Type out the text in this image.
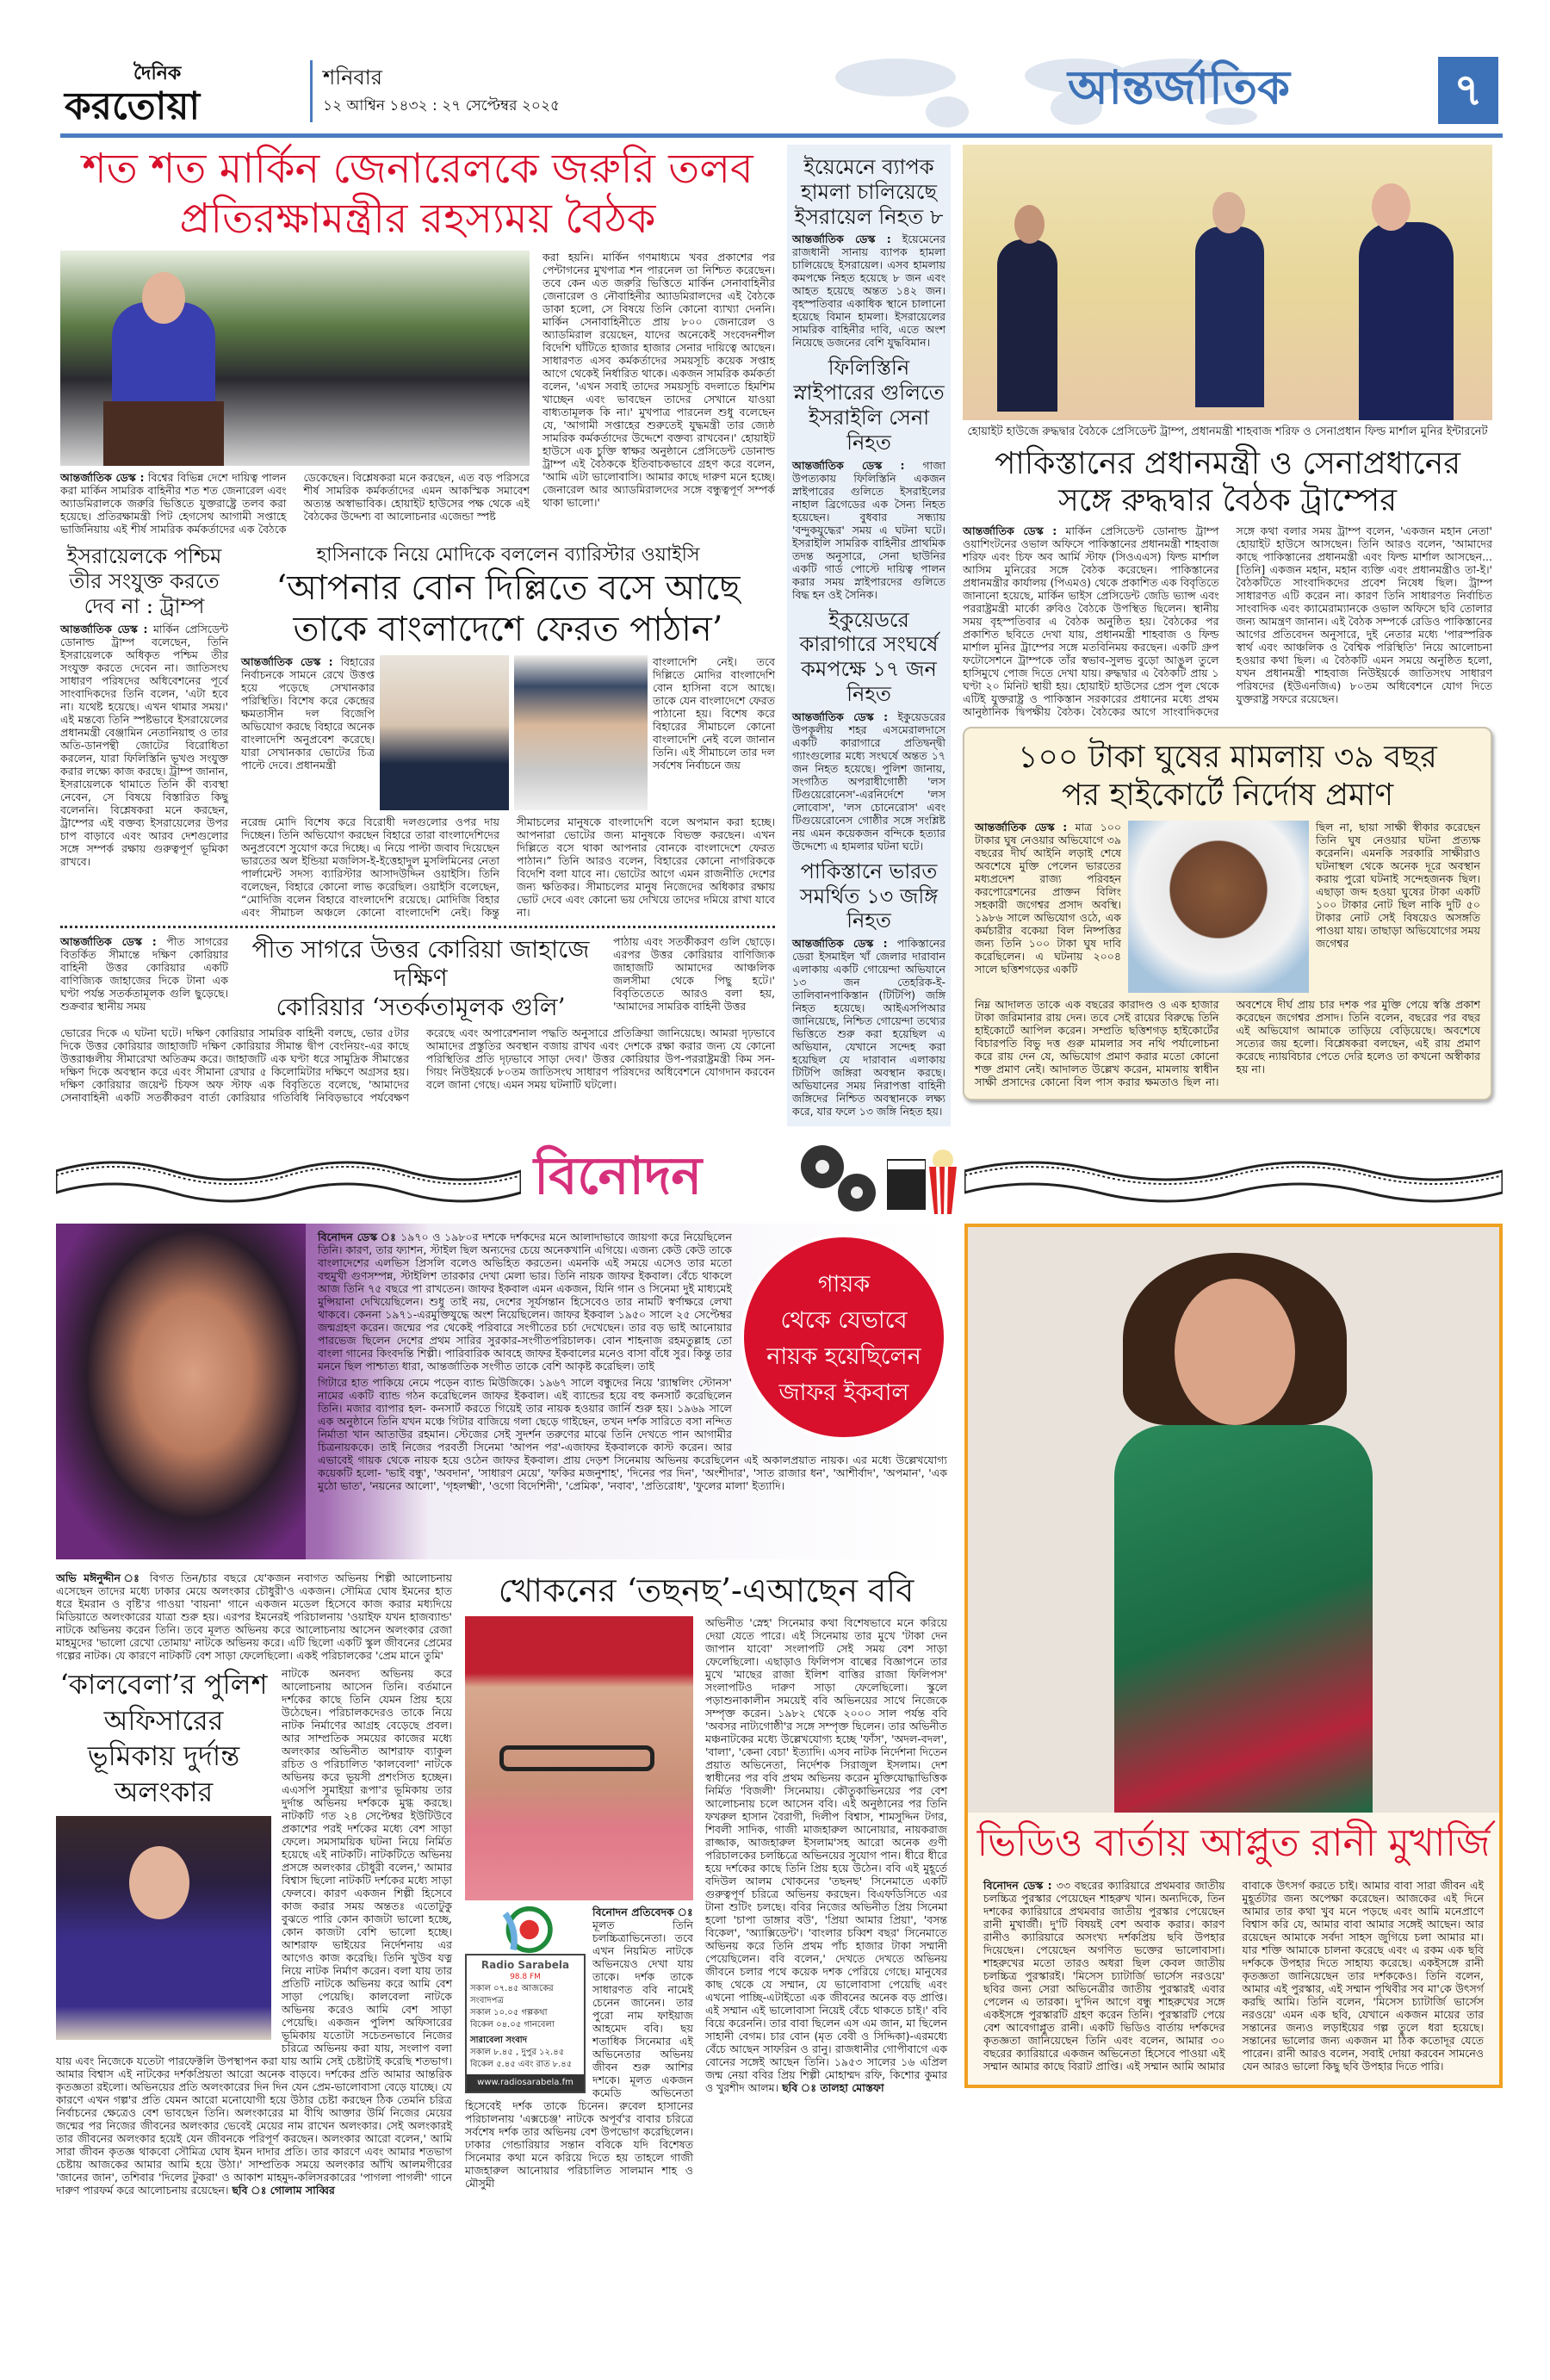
দৈনিক
করতোয়া
শনিবার
১২ আশ্বিন ১৪৩২ : ২৭ সেপ্টেম্বর ২০২৫	আন্তর্জাতিক	৭
শত শত মার্কিন জেনারেলকে জরুরি তলব
প্রতিরক্ষামন্ত্রীর রহস্যময় বৈঠক
আন্তর্জাতিক ডেস্ক : বিশ্বের বিভিন্ন দেশে দায়িত্ব পালন করা মার্কিন সামরিক বাহিনীর শত শত জেনারেল এবং অ্যাডমিরালকে জরুরি ভিত্তিতে যুক্তরাষ্ট্রে তলব করা হয়েছে। প্রতিরক্ষামন্ত্রী পিট হেগসেথ আগামী সপ্তাহে ভার্জিনিয়ায় এই শীর্ষ সামরিক কর্মকর্তাদের এক বৈঠকে ডেকেছেন। বিশ্লেষকরা মনে করছেন, এত বড় পরিসরে শীর্ষ সামরিক কর্মকর্তাদের এমন আকস্মিক সমাবেশ অত্যন্ত অস্বাভাবিক। হোয়াইট হাউসের পক্ষ থেকে এই বৈঠকের উদ্দেশ্য বা আলোচনার এজেন্ডা স্পষ্ট
করা হয়নি। মার্কিন গণমাধ্যমে খবর প্রকাশের পর পেন্টাগনের মুখপাত্র শন পারনেল তা নিশ্চিত করেছেন। তবে কেন এত জরুরি ভিত্তিতে মার্কিন সেনাবাহিনীর জেনারেল ও নৌবাহিনীর অ্যাডমিরালদের এই বৈঠকে ডাকা হলো, সে বিষয়ে তিনি কোনো ব্যাখ্যা দেননি। মার্কিন সেনাবাহিনীতে প্রায় ৮০০ জেনারেল ও অ্যাডমিরাল রয়েছেন, যাদের অনেকেই সংবেদনশীল বিদেশি ঘাঁটিতে হাজার হাজার সেনার দায়িত্বে আছেন। সাধারণত এসব কর্মকর্তাদের সময়সূচি কয়েক সপ্তাহ আগে থেকেই নির্ধারিত থাকে। একজন সামরিক কর্মকর্তা বলেন, 'এখন সবাই তাদের সময়সূচি বদলাতে হিমশিম খাচ্ছেন এবং ভাবছেন তাদের সেখানে যাওয়া বাধ্যতামূলক কি না।' মুখপাত্র পারনেল শুধু বলেছেন যে, 'আগামী সপ্তাহের শুরুতেই যুদ্ধমন্ত্রী তার জ্যেষ্ঠ সামরিক কর্মকর্তাদের উদ্দেশে বক্তব্য রাখবেন।' হোয়াইট হাউসে এক চুক্তি স্বাক্ষর অনুষ্ঠানে প্রেসিডেন্ট ডোনাল্ড ট্রাম্প এই বৈঠককে ইতিবাচকভাবে গ্রহণ করে বলেন, 'আমি এটা ভালোবাসি। আমার কাছে দারুণ মনে হচ্ছে। জেনারেল আর অ্যাডমিরালদের সঙ্গে বন্ধুত্বপূর্ণ সম্পর্ক থাকা ভালো।'
ইসরায়েলকে পশ্চিম তীর সংযুক্ত করতে দেব না : ট্রাম্প
আন্তর্জাতিক ডেস্ক : মার্কিন প্রেসিডেন্ট ডোনাল্ড ট্রাম্প বলেছেন, তিনি ইসরায়েলকে অধিকৃত পশ্চিম তীর সংযুক্ত করতে দেবেন না। জাতিসংঘ সাধারণ পরিষদের অধিবেশনের পূর্বে সাংবাদিকদের তিনি বলেন, 'এটা হবে না। যথেষ্ট হয়েছে। এখন থামার সময়।' এই মন্তব্যে তিনি স্পষ্টভাবে ইসরায়েলের প্রধানমন্ত্রী বেঞ্জামিন নেতানিয়াহু ও তার অতি-ডানপন্থী জোটের বিরোধিতা করলেন, যারা ফিলিস্তিনি ভূখণ্ড সংযুক্ত করার লক্ষ্যে কাজ করছে। ট্রাম্প জানান, ইসরায়েলকে থামাতে তিনি কী ব্যবস্থা নেবেন, সে বিষয়ে বিস্তারিত কিছু বলেননি। বিশ্লেষকরা মনে করছেন, ট্রাম্পের এই বক্তব্য ইসরায়েলের উপর চাপ বাড়াবে এবং আরব দেশগুলোর সঙ্গে সম্পর্ক রক্ষায় গুরুত্বপূর্ণ ভূমিকা রাখবে।
হাসিনাকে নিয়ে মোদিকে বললেন ব্যারিস্টার ওয়াইসি
‘আপনার বোন দিল্লিতে বসে আছে
তাকে বাংলাদেশে ফেরত পাঠান’
আন্তর্জাতিক ডেস্ক : বিহারের নির্বাচনকে সামনে রেখে উত্তপ্ত হয়ে পড়েছে সেখানকার পরিস্থিতি। বিশেষ করে কেন্দ্রের ক্ষমতাসীন দল বিজেপি অভিযোগ করছে বিহারে অনেক বাংলাদেশি অনুপ্রবেশ করেছে। যারা সেখানকার ভোটের চিত্র পাল্টে দেবে। প্রধানমন্ত্রী
বাংলাদেশি নেই। তবে দিল্লিতে মোদির বাংলাদেশি বোন হাসিনা বসে আছে। তাকে যেন বাংলাদেশে ফেরত পাঠানো হয়। বিশেষ করে বিহারের সীমাচলে কোনো বাংলাদেশি নেই বলে জানান তিনি। এই সীমাচলে তার দল সর্বশেষ নির্বাচনে জয়
নরেন্দ্র মোদি বিশেষ করে বিরোধী দলগুলোর ওপর দায় দিচ্ছেন। তিনি অভিযোগ করছেন বিহারে তারা বাংলাদেশিদের অনুপ্রবেশে সুযোগ করে দিচ্ছে। এ নিয়ে পাল্টা জবাব দিয়েছেন ভারতের অল ইন্ডিয়া মজলিস-ই-ইত্তেহাদুল মুসলিমিনের নেতা পার্লামেন্ট সদস্য ব্যারিস্টার আসাদউদ্দিন ওয়াইসি। তিনি বলেছেন, বিহারে কোনো লাভ করেছিল। ওয়াইসি বলেছেন, “মোদিজি বলেন বিহারে বাংলাদেশি রয়েছে। মোদিজি বিহার এবং সীমাচল অঞ্চলে কোনো বাংলাদেশি নেই। কিন্তু সীমাচলের মানুষকে বাংলাদেশি বলে অপমান করা হচ্ছে। আপনারা ভোটের জন্য মানুষকে বিভক্ত করছেন। এখন দিল্লিতে বসে থাকা আপনার বোনকে বাংলাদেশে ফেরত পাঠান।” তিনি আরও বলেন, বিহারের কোনো নাগরিককে বিদেশি বলা যাবে না। ভোটের আগে এমন রাজনীতি দেশের জন্য ক্ষতিকর। সীমাচলের মানুষ নিজেদের অধিকার রক্ষায় ভোট দেবে এবং কোনো ভয় দেখিয়ে তাদের দমিয়ে রাখা যাবে না।
আন্তর্জাতিক ডেস্ক : পীত সাগরের বিতর্কিত সীমান্তে দক্ষিণ কোরিয়ার বাহিনী উত্তর কোরিয়ার একটি বাণিজ্যিক জাহাজের দিকে টানা এক ঘণ্টা পর্যন্ত সতর্কতামূলক গুলি ছুড়েছে। শুক্রবার স্থানীয় সময়
পীত সাগরে উত্তর কোরিয়া জাহাজে দক্ষিণ
কোরিয়ার ‘সতর্কতামূলক গুলি’
পাঠায় এবং সতর্কীকরণ গুলি ছোড়ে। এরপর উত্তর কোরিয়ার বাণিজ্যিক জাহাজটি আমাদের আঞ্চলিক জলসীমা থেকে পিছু হটে।' বিবৃতিতেতে আরও বলা হয়, 'আমাদের সামরিক বাহিনী উত্তর
ভোরের দিকে এ ঘটনা ঘটে। দক্ষিণ কোরিয়ার সামরিক বাহিনী বলছে, ভোর ৫টার দিকে উত্তর কোরিয়ার জাহাজটি দক্ষিণ কোরিয়ার সীমান্ত দ্বীপ বেংনিয়ং-এর কাছে উত্তরাঞ্চলীয় সীমারেখা অতিক্রম করে। জাহাজটি এক ঘণ্টা ধরে সামুদ্রিক সীমান্তের দক্ষিণ দিকে অবস্থান করে এবং সীমানা রেখার ৫ কিলোমিটার দক্ষিণে অগ্রসর হয়। দক্ষিণ কোরিয়ার জয়েন্ট চিফস অফ স্টাফ এক বিবৃতিতে বলেছে, 'আমাদের সেনাবাহিনী একটি সতর্কীকরণ বার্তা কোরিয়ার গতিবিধি নিবিড়ভাবে পর্যবেক্ষণ করেছে এবং অপারেশনাল পদ্ধতি অনুসারে প্রতিক্রিয়া জানিয়েছে। আমরা দৃঢ়ভাবে আমাদের প্রস্তুতির অবস্থান বজায় রাখব এবং দেশকে রক্ষা করার জন্য যে কোনো পরিস্থিতির প্রতি দৃঢ়ভাবে সাড়া দেব।' উত্তর কোরিয়ার উপ-পররাষ্ট্রমন্ত্রী কিম সন-গিয়ং নিউইয়র্কে ৮০তম জাতিসংঘ সাধারণ পরিষদের অধিবেশনে যোগদান করবেন বলে জানা গেছে। এমন সময় ঘটনাটি ঘটলো।
ইয়েমেনে ব্যাপক হামলা চালিয়েছে ইসরায়েল নিহত ৮
আন্তর্জাতিক ডেস্ক : ইয়েমেনের রাজধানী সানায় ব্যাপক হামলা চালিয়েছে ইসরায়েল। এসব হামলায় কমপক্ষে নিহত হয়েছে ৮ জন এবং আহত হয়েছে অন্তত ১৪২ জন। বৃহস্পতিবার একাধিক স্থানে চালানো হয়েছে বিমান হামলা। ইসরায়েলের সামরিক বাহিনীর দাবি, এতে অংশ নিয়েছে ডজনের বেশি যুদ্ধবিমান।
ফিলিস্তিনি স্নাইপারের গুলিতে ইসরাইলি সেনা নিহত
আন্তর্জাতিক ডেস্ক : গাজা উপত্যকায় ফিলিস্তিনি একজন স্নাইপারের গুলিতে ইসরাইলের নাহাল ব্রিগেডের এক সৈন্য নিহত হয়েছেন। বুধবার সন্ধ্যায় 'বন্দুকযুদ্ধের' সময় এ ঘটনা ঘটে। ইসরাইলি সামরিক বাহিনীর প্রাথমিক তদন্ত অনুসারে, সেনা ছাউনির একটি গার্ড পোস্টে দায়িত্ব পালন করার সময় স্নাইপারদের গুলিতে বিদ্ধ হন ওই সৈনিক।
ইকুয়েডরে কারাগারে সংঘর্ষে কমপক্ষে ১৭ জন নিহত
আন্তর্জাতিক ডেস্ক : ইকুয়েডরের উপকূলীয় শহর এসমেরালদাসে একটি কারাগারে প্রতিদ্বন্দ্বী গ্যাংগুলোর মধ্যে সংঘর্ষে অন্তত ১৭ জন নিহত হয়েছে। পুলিশ জানায়, সংগঠিত অপরাধীগোষ্ঠী 'লস টিগুয়েরোনেস'-এরনির্দেশে 'লস লোবোস', 'লস চোনেরোস' এবং টিগুয়েরোনেস গোষ্ঠীর সঙ্গে সংশ্লিষ্ট নয় এমন কয়েকজন বন্দিকে হত্যার উদ্দেশ্যে এ হামলার ঘটনা ঘটে।
পাকিস্তানে ভারত সমর্থিত ১৩ জঙ্গি নিহত
আন্তর্জাতিক ডেস্ক : পাকিস্তানের ডেরা ইসমাইল খাঁ জেলার দারাবান এলাকায় একটি গোয়েন্দা অভিযানে ১৩ জন তেহরিক-ই-তালিবানপাকিস্তান (টিটিপি) জঙ্গি নিহত হয়েছে। আইএসপিআর জানিয়েছে, নিশ্চিত গোয়েন্দা তথ্যের ভিত্তিতে শুরু করা হয়েছিল এ অভিযান, যেখানে সন্দেহ করা হয়েছিল যে দারাবান এলাকায় টিটিপি জঙ্গিরা অবস্থান করছে। অভিযানের সময় নিরাপত্তা বাহিনী জঙ্গিদের নিশ্চিত অবস্থানকে লক্ষ্য করে, যার ফলে ১৩ জঙ্গি নিহত হয়।
হোয়াইট হাউজে রুদ্ধদ্বার বৈঠকে প্রেসিডেন্ট ট্রাম্প, প্রধানমন্ত্রী শাহবাজ শরিফ ও সেনাপ্রধান ফিল্ড মার্শাল মুনির ইন্টারনেট
পাকিস্তানের প্রধানমন্ত্রী ও সেনাপ্রধানের
সঙ্গে রুদ্ধদ্বার বৈঠক ট্রাম্পের
আন্তর্জাতিক ডেস্ক : মার্কিন প্রেসিডেন্ট ডোনাল্ড ট্রাম্প ওয়াশিংটনের ওভাল অফিসে পাকিস্তানের প্রধানমন্ত্রী শাহবাজ শরিফ এবং চিফ অব আর্মি স্টাফ (সিওএএস) ফিল্ড মার্শাল আসিম মুনিরের সঙ্গে বৈঠক করেছেন। পাকিস্তানের প্রধানমন্ত্রীর কার্যালয় (পিএমও) থেকে প্রকাশিত এক বিবৃতিতে জানানো হয়েছে, মার্কিন ভাইস প্রেসিডেন্ট জেডি ভ্যান্স এবং পররাষ্ট্রমন্ত্রী মার্কো রুবিও বৈঠকে উপস্থিত ছিলেন। স্থানীয় সময় বৃহস্পতিবার এ বৈঠক অনুষ্ঠিত হয়। বৈঠকের পর প্রকাশিত ছবিতে দেখা যায়, প্রধানমন্ত্রী শাহবাজ ও ফিল্ড মার্শাল মুনির ট্রাম্পের সঙ্গে মতবিনিময় করছেন। একটি গ্রুপ ফটোসেশনে ট্রাম্পকে তাঁর স্বভাব-সুলভ বুড়ো আঙুল তুলে হাসিমুখে পোজ দিতে দেখা যায়। রুদ্ধদ্বার এ বৈঠকটি প্রায় ১ ঘণ্টা ২০ মিনিট স্থায়ী হয়। হোয়াইট হাউসের প্রেস পুল থেকে এটিই যুক্তরাষ্ট্র ও পাকিস্তান সরকারের প্রধানের মধ্যে প্রথম আনুষ্ঠানিক দ্বিপক্ষীয় বৈঠক। বৈঠকের আগে সাংবাদিকদের সঙ্গে কথা বলার সময় ট্রাম্প বলেন, 'একজন মহান নেতা' হোয়াইট হাউসে আসছেন। তিনি আরও বলেন, 'আমাদের কাছে পাকিস্তানের প্রধানমন্ত্রী এবং ফিল্ড মার্শাল আসছেন...[তিনি] একজন মহান, মহান ব্যক্তি এবং প্রধানমন্ত্রীও তা-ই।' বৈঠকটিতে সাংবাদিকদের প্রবেশ নিষেধ ছিল। ট্রাম্প সাধারণত এটি করেন না। কারণ তিনি সাধারণত নির্বাচিত সাংবাদিক এবং ক্যামেরাম্যানকে ওভাল অফিসে ছবি তোলার জন্য আমন্ত্রণ জানান। এই বৈঠক সম্পর্কে রেডিও পাকিস্তানের আগের প্রতিবেদন অনুসারে, দুই নেতার মধ্যে 'পারস্পরিক স্বার্থ এবং আঞ্চলিক ও বৈশ্বিক পরিস্থিতি' নিয়ে আলোচনা হওয়ার কথা ছিল। এ বৈঠকটি এমন সময়ে অনুষ্ঠিত হলো, যখন প্রধানমন্ত্রী শাহবাজ নিউইয়র্কে জাতিসংঘ সাধারণ পরিষদের (ইউএনজিএ) ৮০তম অধিবেশনে যোগ দিতে যুক্তরাষ্ট্র সফরে রয়েছেন।
১০০ টাকা ঘুষের মামলায় ৩৯ বছর
পর হাইকোর্টে নির্দোষ প্রমাণ
আন্তর্জাতিক ডেস্ক : মাত্র ১০০ টাকার ঘুষ নেওয়ার অভিযোগে ৩৯ বছরের দীর্ঘ আইনি লড়াই শেষে অবশেষে মুক্তি পেলেন ভারতের মধ্যপ্রদেশ রাজ্য পরিবহন করপোরেশনের প্রাক্তন বিলিং সহকারী জগেশ্বর প্রসাদ অবস্থি। ১৯৮৬ সালে অভিযোগ ওঠে, এক কর্মচারীর বকেয়া বিল নিষ্পত্তির জন্য তিনি ১০০ টাকা ঘুষ দাবি করেছিলেন। এ ঘটনায় ২০০৪ সালে ছত্তিশগড়ের একটি
ছিল না, ছায়া সাক্ষী স্বীকার করেছেন তিনি ঘুষ নেওয়ার ঘটনা প্রত্যক্ষ করেননি। এমনকি সরকারি সাক্ষীরাও ঘটনাস্থল থেকে অনেক দূরে অবস্থান করায় পুরো ঘটনাই সন্দেহজনক ছিল। এছাড়া জব্দ হওয়া ঘুষের টাকা একটি ১০০ টাকার নোট ছিল নাকি দুটি ৫০ টাকার নোট সেই বিষয়েও অসঙ্গতি পাওয়া যায়। তাছাড়া অভিযোগের সময় জগেশ্বর
নিম্ন আদালত তাকে এক বছরের কারাদণ্ড ও এক হাজার টাকা জরিমানার রায় দেন। তবে সেই রায়ের বিরুদ্ধে তিনি হাইকোর্টে আপিল করেন। সম্প্রতি ছত্তিশগড় হাইকোর্টের বিচারপতি বিভু দত্ত গুরু মামলার সব নথি পর্যালোচনা করে রায় দেন যে, অভিযোগ প্রমাণ করার মতো কোনো শক্ত প্রমাণ নেই। আদালত উল্লেখ করেন, মামলায় স্বাধীন সাক্ষী প্রসাদের কোনো বিল পাস করার ক্ষমতাও ছিল না। অবশেষে দীর্ঘ প্রায় চার দশক পর মুক্তি পেয়ে স্বস্তি প্রকাশ করেছেন জগেশ্বর প্রসাদ। তিনি বলেন, বছরের পর বছর এই অভিযোগ আমাকে তাড়িয়ে বেড়িয়েছে। অবশেষে সত্যের জয় হলো। বিশ্লেষকরা বলছেন, এই রায় প্রমাণ করেছে ন্যায়বিচার পেতে দেরি হলেও তা কখনো অস্বীকার হয় না।
বিনোদন
গায়ক
থেকে যেভাবে
নায়ক হয়েছিলেন
জাফর ইকবাল

বিনোদন ডেস্ক ঃ ১৯৭০ ও ১৯৮০র দশকে দর্শকদের মনে আলাদাভাবে জায়গা করে নিয়েছিলেন তিনি। কারণ, তার ফ্যাশন, স্টাইল ছিল অন্যদের চেয়ে অনেকখানি এগিয়ে। এজন্য কেউ কেউ তাকে বাংলাদেশের এলভিস প্রিসলি বলেও অভিহিত করতেন। এমনকি এই সময়ে এসেও তার মতো বহুমুখী গুণসম্পন্ন, স্টাইলিশ তারকার দেখা মেলা ভার। তিনি নায়ক জাফর ইকবাল। বেঁচে থাকলে আজ তিনি ৭৫ বছরে পা রাখতেন। জাফর ইকবাল এমন একজন, যিনি গান ও সিনেমা দুই মাধ্যমেই মুন্সিয়ানা দেখিয়েছিলেন। শুধু তাই নয়, দেশের সূর্যসন্তান হিসেবেও তার নামটি স্বর্ণাক্ষরে লেখা থাকবে। কেননা ১৯৭১-এরমুক্তিযুদ্ধে অংশ নিয়েছিলেন। জাফর ইকবাল ১৯৫০ সালে ২৫ সেপ্টেম্বর জন্মগ্রহণ করেন। জন্মের পর থেকেই পরিবারে সংগীতের চর্চা দেখেছেন। তার বড় ভাই আনোয়ার পারভেজ ছিলেন দেশের প্রথম সারির সুরকার-সংগীতপরিচালক। বোন শাহনাজ রহমতুল্লাহ তো বাংলা গানের কিংবদন্তি শিল্পী। পারিবারিক আবহে জাফর ইকবালের মনেও বাসা বাঁধে সুর। কিন্তু তার মননে ছিল পাশ্চাত্য ধারা, আন্তর্জাতিক সংগীত তাকে বেশি আকৃষ্ট করেছিল। তাই

গিটারে হাত পাকিয়ে নেমে পড়েন ব্যান্ড মিউজিকে। ১৯৬৭ সালে বন্ধুদের নিয়ে 'র‍্যাম্বলিং স্টোনস' নামের একটি ব্যান্ড গঠন করেছিলেন জাফর ইকবাল। এই ব্যান্ডের হয়ে বহু কনসার্ট করেছিলেন তিনি। মজার ব্যাপার হল- কনসার্ট করতে গিয়েই তার নায়ক হওয়ার জার্নি শুরু হয়। ১৯৬৯ সালে এক অনুষ্ঠানে তিনি যখন মঞ্চে গিটার বাজিয়ে গলা ছেড়ে গাইছেন, তখন দর্শক সারিতে বসা নন্দিত নির্মাতা খান আতাউর রহমান। স্টেজের সেই সুদর্শন তরুণের মাঝে তিনি দেখতে পান আগামীর চিত্রনায়ককে। তাই নিজের পরবর্তী সিনেমা 'আপন পর'-এজাফর ইকবালকে কাস্ট করেন। আর এভাবেই গায়ক থেকে নায়ক হয়ে ওঠেন জাফর ইকবাল। প্রায় দেড়শ সিনেমায় অভিনয় করেছিলেন এই অকালপ্রয়াত নায়ক। এর মধ্যে উল্লেখযোগ্য কয়েকটি হলো- 'ভাই বন্ধু', 'অবদান', 'সাধারণ মেয়ে', 'ফকির মজনুশাহ', 'দিনের পর দিন', 'অংশীদার', 'সাত রাজার ধন', 'আশীর্বাদ', 'অপমান', 'এক মুঠো ভাত', 'নয়নের আলো', 'গৃহলক্ষ্মী', 'ওগো বিদেশিনী', 'প্রেমিক', 'নবাব', 'প্রতিরোধ', 'ফুলের মালা' ইত্যাদি।

অভি মঈনুদ্দীন ঃ বিগত তিন/চার বছরে যে'কজন নবাগত অভিনয় শিল্পী আলোচনায় এসেছেন তাদের মধ্যে ঢাকার মেয়ে অলংকার চৌধুরী'ও একজন। সৌমিত্র ঘোষ ইমনের হাত ধরে ইমরান ও বৃষ্টি'র গাওয়া 'বায়না' গানে একজন মডেল হিসেবে কাজ করার মধ্যদিয়ে মিডিয়াতে অলংকারের যাত্রা শুরু হয়। এরপর ইমনেরই পরিচালনায় 'ওয়াইফ যখন হাজব্যান্ড' নাটকে অভিনয় করেন তিনি। তবে মূলত অভিনয় করে আলোচনায় আসেন অলংকার রেজা মাহমুদের 'ভালো রেখো তোমায়' নাটকে অভিনয় করে। এটি ছিলো একটি স্কুল জীবনের প্রেমের গল্পের নাটক। যে কারণে নাটকটি বেশ সাড়া ফেলেছিলো। একই পরিচালকের 'প্রেম মানে তুমি'
‘কালবেলা’র পুলিশ অফিসারের ভূমিকায় দুর্দান্ত অলংকার
নাটকে অনবদ্য অভিনয় করে আলোচনায় আসেন তিনি। বর্তমানে দর্শকের কাছে তিনি যেমন প্রিয় হয়ে উঠেছেন। পরিচালকদেরও তাকে নিয়ে নাটক নির্মাণের আগ্রহ বেড়েছে প্রবল। আর সাম্প্রতিক সময়ের কাজের মধ্যে অলংকার অভিনীত আশরাফ ব্যাকুল রচিত ও পরিচালিত 'কালবেলা' নাটকে অভিনয় করে ভূয়সী প্রশংসিত হচ্ছেন। এএসপি সুমাইয়া রূপা'র ভূমিকায় তার দুর্দান্ত অভিনয় দর্শককে মুগ্ধ করছে। নাটকটি গত ২৪ সেপ্টেম্বর ইউটিউবে প্রকাশের পরই দর্শকের মধ্যে বেশ সাড়া ফেলে। সমসাময়িক ঘটনা নিয়ে নির্মিত হয়েছে এই নাটকটি। নাটকটিতে অভিনয় প্রসঙ্গে অলংকার চৌধুরী বলেন,' আমার বিশ্বাস ছিলো নাটকটি দর্শকের মধ্যে সাড়া ফেলবে। কারণ একজন শিল্পী হিসেবে কাজ করার সময় অন্ততঃ এতোটুকু বুঝতে পারি কোন কাজটা ভালো হচ্ছে, কোন কাজটা বেশি ভালো হচ্ছে। আশরাফ ভাইয়ের নির্দেশনায় এর আগেও কাজ করেছি। তিনি খুউব যত্ন নিয়ে নাটক নির্মাণ করেন। বলা যায় তার প্রতিটি নাটকে অভিনয় করে আমি বেশ সাড়া পেয়েছি। কালবেলা নাটকে অভিনয় করেও আমি বেশ সাড়া পেয়েছি। একজন পুলিশ অফিসারের ভূমিকায় যতোটা সচেতনভাবে নিজের চরিত্রে অভিনয় করা যায়, সংলাপ বলা যায় এবং নিজেকে যতেটা পারফেক্টলি উপস্থাপন করা যায় আমি সেই চেষ্টাটাই করেছি শতভাগ। আমার বিশ্বাস এই নাটকের দর্শকপ্রিয়তা আরো অনেক বাড়বে। দর্শকের প্রতি আমার আন্তরিক কৃতজ্ঞতা রইলো। অভিনয়ের প্রতি অলংকারের দিন দিন যেন প্রেম-ভালোবাসা বেড়ে যাচ্ছে। যে কারণে এখন গল্প'র প্রতি যেমন আরো মনোযোগী হয়ে উঠার চেষ্টা করছেন ঠিক তেমনি চরিত্র নির্বাচনের ক্ষেত্রেও বেশ ভাবছেন তিনি। অলংকারের মা বীথি আক্তার উর্মি নিজের মেয়ের জন্মের পর নিজের জীবনের অলংকার ভেবেই মেয়ের নাম রাখেন অলংকার। সেই অলংকারই তার জীবনের অলংকার হয়েই যেন জীবনকে পরিপূর্ণ করছেন। অলংকার আরো বলেন,' আমি সারা জীবন কৃতজ্ঞ থাকবো সৌমিত্র ঘোষ ইমন দাদার প্রতি। তার কারণে এবং আমার শতভাগ চেষ্টায় আজকের আমার আমি হয়ে উঠা।' সাম্প্রতিক সময়ে অলংকার আঁখি আলমগীরের 'জানের জান', তশিবার 'দিলের টুকরা' ও আকাশ মাহমুদ-কলিসরকারের 'পাগলা পাগলী' গানে দারুণ পারফর্ম করে আলোচনায় রয়েছেন। ছবি ঃ গোলাম সাব্বির
খোকনের ‘তছনছ’-এআছেন ববি
Radio Sarabela
98.8 FM
সকাল ০৭.৪৫ আজকের সংবাদপত্র
সকাল ১০.০৫ গল্পকথা
বিকেল ০৪.০৫ গানবেলা
সারাবেলা সংবাদ
সকাল ৮.৪৫ , দুপুর ১২.৪৫
বিকেল ৫.৪৫ এবং রাত ৮.৪৫
www.radiosarabela.fm
বিনোদন প্রতিবেদক ঃ মূলত তিনি চলচ্চিত্রাভিনেতা। তবে এখন নিয়মিত নাটকে অভিনয়েও দেখা যায় তাকে। দর্শক তাকে সাধারণত ববি নামেই চেনেন জানেন। তার পুরো নাম ফাইয়াজ আহমেদ ববি। ছয় শতাধিক সিনেমার এই অভিনেতার অভিনয় জীবন শুরু আশির দশকে। মূলত একজন কমেডি অভিনেতা হিসেবেই দর্শক তাকে চিনেন। রুবেল হাসানের পরিচালনায় 'এক্সচেঞ্জ' নাটকে অপূর্ব'র বাবার চরিত্রে সর্বশেষ দর্শক তার অভিনয় বেশ উপভোগ করেছিলেন। ঢাকার গেন্ডারিয়ার সন্তান ববিকে যদি বিশেষত সিনেমার কথা মনে করিয়ে দিতে হয় তাহলে গাজী মাজহারুল আনোয়ার পরিচালিত সালমান শাহ ও মৌসুমী
অভিনীত 'স্নেহ' সিনেমার কথা বিশেষভাবে মনে করিয়ে দেয়া যেতে পারে। এই সিনেমায় তার মুখে 'টাকা দেন জাপান যাবো' সংলাপটি সেই সময় বেশ সাড়া ফেলেছিলো। এছাড়াও ফিলিপস বাল্বের বিজ্ঞাপনে তার মুখে 'মাছের রাজা ইলিশ বাত্তির রাজা ফিলিপস' সংলাপটিও দারুণ সাড়া ফেলেছিলো। স্কুলে পড়াশুনাকালীন সময়েই ববি অভিনয়ের সাথে নিজেকে সম্পৃক্ত করেন। ১৯৮২ থেকে ২০০০ সাল পর্যন্ত ববি 'অবসর নাট্যগোষ্ঠী'র সঙ্গে সম্পৃক্ত ছিলেন। তার অভিনীত মঞ্চনাটকের মধ্যে উল্লেখযোগ্য হচ্ছে 'ফাঁস', 'অদল-বদল', 'বালা', 'কেনা বেচা' ইত্যাদি। এসব নাটক নির্দেশনা দিতেন প্রয়াত অভিনেতা, নির্দেশক সিরাজুল ইসলাম। দেশ স্বাধীনের পর ববি প্রথম অভিনয় করেন মুক্তিযোদ্ধাভিত্তিক নির্মিত 'বিজলী' সিনেমায়। কৌতুকাভিনয়ের পর বেশ আলোচনায় চলে আসেন ববি। এই অনুষ্ঠানের পর তিনি ফখরুল হাসান বৈরাগী, দিলীপ বিশ্বাস, শামসুদ্দিন টগর, শিবলী সাদিক, গাজী মাজহারুল আনোয়ার, নায়করাজ রাজ্জাক, আজহারুল ইসলাম'সহ আরো অনেক গুণী পরিচালকের চলচ্চিত্রে অভিনয়ের সুযোগ পান। ধীরে ধীরে হয়ে দর্শকের কাছে তিনি প্রিয় হয়ে উঠেন। ববি এই মুহূর্তে বদিউল আলম খোকনের 'তছনছ' সিনেমাতে একটি গুরুত্বপূর্ণ চরিত্রে অভিনয় করছেন। বিএফডিসিতে এর টানা শুটিং চলছে। ববির নিজের অভিনীত প্রিয় সিনেমা হলো 'চাপা ডাঙ্গার বউ', 'প্রিয়া আমার প্রিয়া', 'বসন্ত বিকেল', 'অ্যাক্সিডেন্ট'। 'বাংলার চব্বিশ বছর' সিনেমাতে অভিনয় করে তিনি প্রথম পাঁচ হাজার টাকা সম্মানী পেয়েছিলেন। ববি বলেন,' দেখতে দেখতে অভিনয় জীবনে চলার পথে কয়েক দশক পেরিয়ে গেছে। মানুষের কাছ থেকে যে সম্মান, যে ভালোবাসা পেয়েছি এবং এখনো পাচ্ছি-এটাইতো এক জীবনের অনেক বড় প্রাপ্তি। এই সম্মান এই ভালোবাসা নিয়েই বেঁচে থাকতে চাই।' ববি বিয়ে করেননি। তার বাবা ছিলেন এস এম জান, মা ছিলেন সাহানী বেগম। চার বোন (মৃত বেবী ও সিদ্দিকা)-এরমধ্যে বেঁচে আছেন সাফরিন ও রানু। রাজধানীর গোপীবাগে এক বোনের সঙ্গেই আছেন তিনি। ১৯৫৩ সালের ১৬ এপ্রিল জন্ম নেয়া ববির প্রিয় শিল্পী মোহাম্মদ রফি, কিশোর কুমার ও খুরশীদ আলম। ছবি ঃ তালহা মোস্তফা
ভিডিও বার্তায় আপ্লুত রানী মুখার্জি
বিনোদন ডেস্ক : ৩৩ বছরের ক্যারিয়ারে প্রথমবার জাতীয় চলচ্চিত্র পুরস্কার পেয়েছেন শাহরুখ খান। অন্যদিকে, তিন দশকের ক্যারিয়ারে প্রথমবার জাতীয় পুরস্কার পেয়েছেন রানী মুখার্জী। দু'টি বিষয়ই বেশ অবাক করার। কারণ রানীও ক্যারিয়ারে অসংখ্য দর্শকপ্রিয় ছবি উপহার দিয়েছেন। পেয়েছেন অগণিত ভক্তের ভালোবাসা। শাহরুখের মতো তারও অধরা ছিল কেবল জাতীয় চলচ্চিত্র পুরস্কারই। 'মিসেস চ্যাটার্জি ভার্সেস নরওয়ে' ছবির জন্য সেরা অভিনেত্রীর জাতীয় পুরস্কারই এবার পেলেন এ তারকা। দু'দিন আগে বন্ধু শাহরুখের সঙ্গে একইসঙ্গে পুরস্কারটি গ্রহণ করেন তিনি। পুরস্কারটি পেয়ে বেশ আবেগাপ্লুত রানী। একটি ভিডিও বার্তায় দর্শকদের কৃতজ্ঞতা জানিয়েছেন তিনি এবং বলেন, আমার ৩০ বছরের ক্যারিয়ারে একজন অভিনেতা হিসেবে পাওয়া এই সম্মান আমার কাছে বিরাট প্রাপ্তি। এই সম্মান আমি আমার বাবাকে উৎসর্গ করতে চাই। আমার বাবা সারা জীবন এই মুহূর্তটার জন্য অপেক্ষা করেছেন। আজকের এই দিনে আমার তার কথা খুব মনে পড়ছে এবং আমি মনেপ্রাণে বিশ্বাস করি যে, আমার বাবা আমার সঙ্গেই আছেন। আর রয়েছেন আমাকে সর্বদা সাহস জুগিয়ে চলা আমার মা। যার শক্তি আমাকে চালনা করেছে এবং এ রকম এক ছবি দর্শককে উপহার দিতে সাহায্য করেছে। একইসঙ্গে রানী কৃতজ্ঞতা জানিয়েছেন তার দর্শককেও। তিনি বলেন, আমার এই পুরস্কার, এই সম্মান পৃথিবীর সব মা'কে উৎসর্গ করছি আমি। তিনি বলেন, 'মিসেস চ্যাটার্জি ভার্সেস নরওয়ে' এমন এক ছবি, যেখানে একজন মায়ের তার সন্তানের জন্যও লড়াইয়ের গল্প তুলে ধরা হয়েছে। সন্তানের ভালোর জন্য একজন মা ঠিক কতোদূর যেতে পারেন। রানী আরও বলেন, সবাই দোয়া করবেন সামনেও যেন আরও ভালো কিছু ছবি উপহার দিতে পারি।
